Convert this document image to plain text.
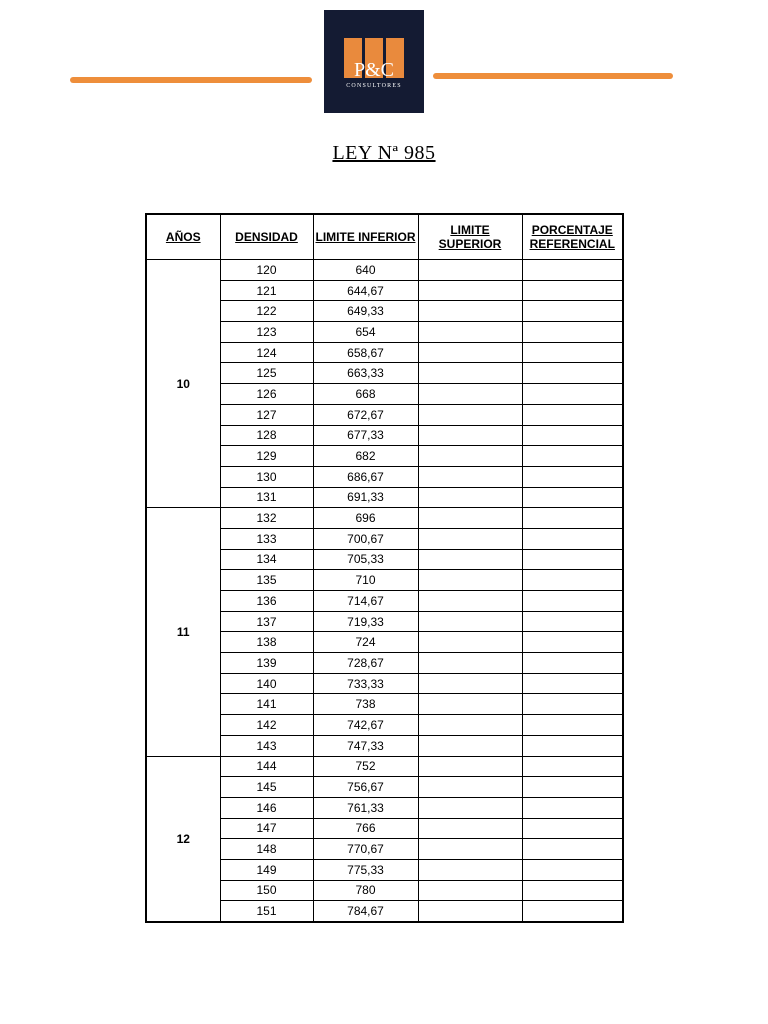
P&C
CONSULTORES
LEY Nª 985
AÑOS	DENSIDAD	LIMITE INFERIOR	LIMITE SUPERIOR	PORCENTAJE REFERENCIAL
10	120	640		
	121	644,67		
	122	649,33		
	123	654		
	124	658,67		
	125	663,33		
	126	668		
	127	672,67		
	128	677,33		
	129	682		
	130	686,67		
	131	691,33		
11	132	696		
	133	700,67		
	134	705,33		
	135	710		
	136	714,67		
	137	719,33		
	138	724		
	139	728,67		
	140	733,33		
	141	738		
	142	742,67		
	143	747,33		
12	144	752		
	145	756,67		
	146	761,33		
	147	766		
	148	770,67		
	149	775,33		
	150	780		
	151	784,67		
